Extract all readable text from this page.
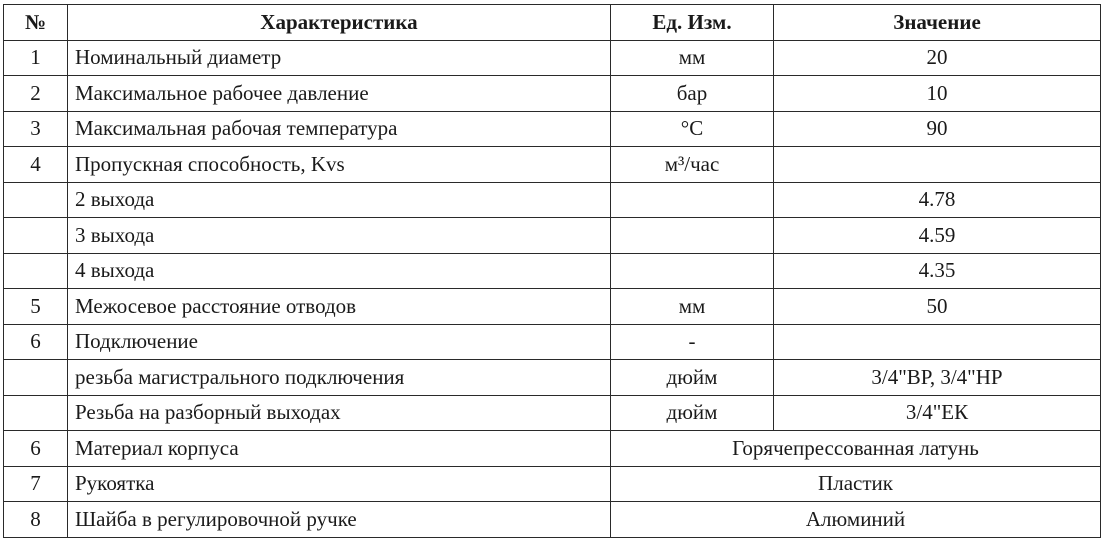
№	Характеристика	Ед. Изм.	Значение
1	Номинальный диаметр	мм	20
2	Максимальное рабочее давление	бар	10
3	Максимальная рабочая температура	°С	90
4	Пропускная способность, Kvs	м³/час	
	2 выхода		4.78
	3 выхода		4.59
	4 выхода		4.35
5	Межосевое расстояние отводов	мм	50
6	Подключение	-	
	резьба магистрального подключения	дюйм	3/4"ВР, 3/4"НР
	Резьба на разборный выходах	дюйм	3/4"ЕК
6	Материал корпуса	Горячепрессованная латунь	
7	Рукоятка	Пластик	
8	Шайба в регулировочной ручке	Алюминий	
